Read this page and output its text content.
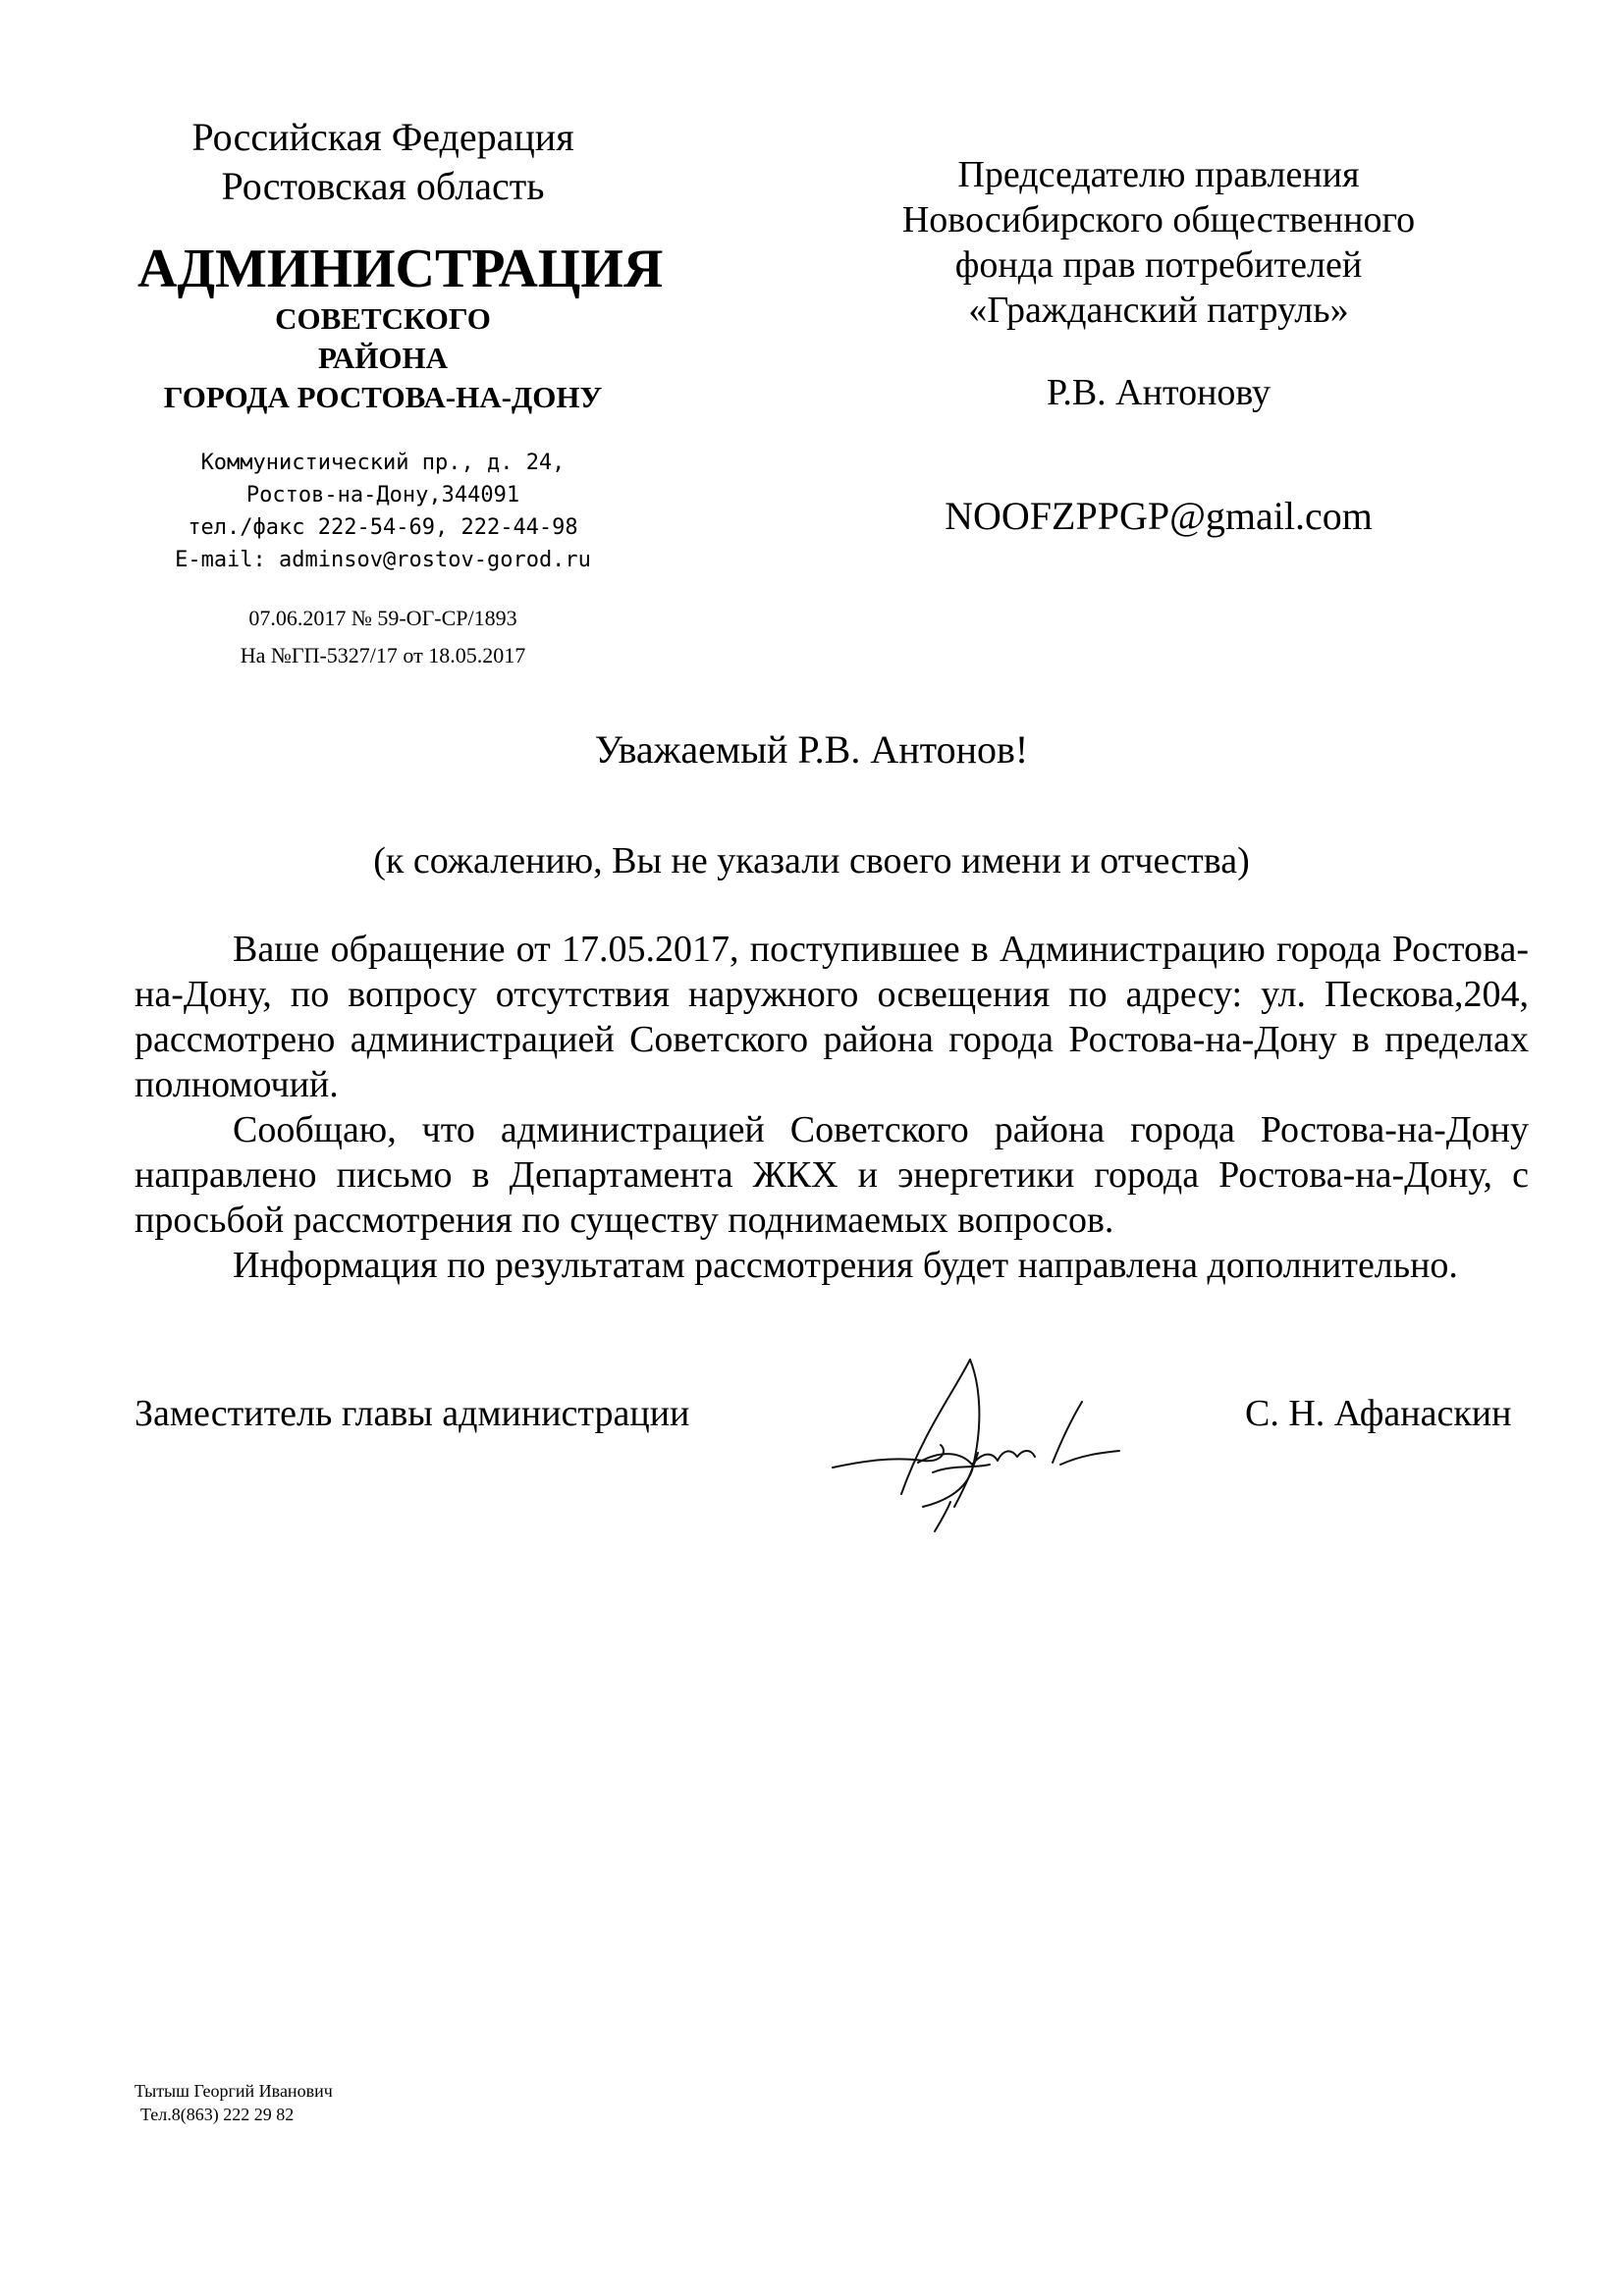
Российская Федерация
Ростовская область
АДМИНИСТРАЦИЯ
СОВЕТСКОГО
РАЙОНА
ГОРОДА РОСТОВА-НА-ДОНУ
Коммунистический пр., д. 24,
Ростов-на-Дону,344091
тел./факс 222-54-69, 222-44-98
E-mail: adminsov@rostov-gorod.ru
07.06.2017 № 59-ОГ-СР/1893
На №ГП-5327/17 от 18.05.2017
Председателю правления
Новосибирского общественного
фонда прав потребителей
«Гражданский патруль»
Р.В. Антонову
NOOFZPPGP@gmail.com
Уважаемый Р.В. Антонов!
(к сожалению, Вы не указали своего имени и отчества)
Ваше обращение от 17.05.2017, поступившее в Администрацию города Ростова-на-Дону, по вопросу отсутствия наружного освещения по адресу: ул. Пескова,204, рассмотрено администрацией Советского района города Ростова-на-Дону в пределах полномочий.
Сообщаю, что администрацией Советского района города Ростова-на-Дону направлено письмо в Департамента ЖКХ и энергетики города Ростова-на-Дону, с просьбой рассмотрения по существу поднимаемых вопросов.
Информация по результатам рассмотрения будет направлена дополнительно.
Заместитель главы администрации	С. Н. Афанаскин
Тытыш Георгий Иванович
Тел.8(863) 222 29 82
